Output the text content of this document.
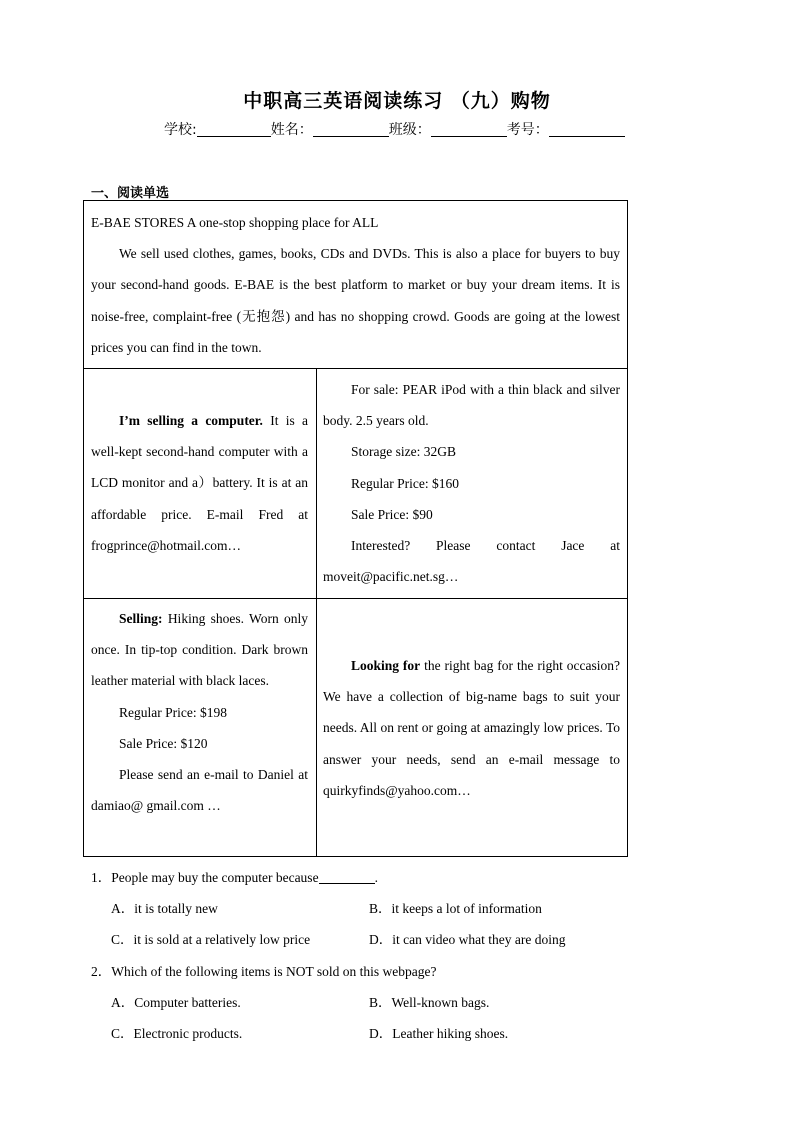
中职高三英语阅读练习 （九）购物
学校:	姓名：	班级：	考号：
一、阅读单选

E-BAE STORES A one-stop shopping place for ALL

We sell used clothes, games, books, CDs and DVDs. This is also a place for buyers to buy your second-hand goods. E-BAE is the best platform to market or buy your dream items. It is noise-free, complaint-free (无抱怨) and has no shopping crowd. Goods are going at the lowest prices you can find in the town.

I’m selling a computer. It is a well-kept second-hand computer with a LCD monitor and a）battery. It is at an affordable price. E-mail Fred at frogprince@hotmail.com…

For sale: PEAR iPod with a thin black and silver body. 2.5 years old.

Storage size: 32GB

Regular Price: $160

Sale Price: $90

Interested? Please contact Jace at moveit@pacific.net.sg…

Selling: Hiking shoes. Worn only once. In tip-top condition. Dark brown leather material with black laces.

Regular Price: $198

Sale Price: $120

Please send an e-mail to Daniel at damiao@ gmail.com …

Looking for the right bag for the right occasion? We have a collection of big-name bags to suit your needs. All on rent or going at amazingly low prices. To answer your needs, send an e-mail message to quirkyfinds@yahoo.com…

1．People may buy the computer because	.
A．it is totally new	B．it keeps a lot of information
C．it is sold at a relatively low price	D．it can video what they are doing
2．Which of the following items is NOT sold on this webpage?
A．Computer batteries.	B．Well-known bags.
C．Electronic products.	D．Leather hiking shoes.
